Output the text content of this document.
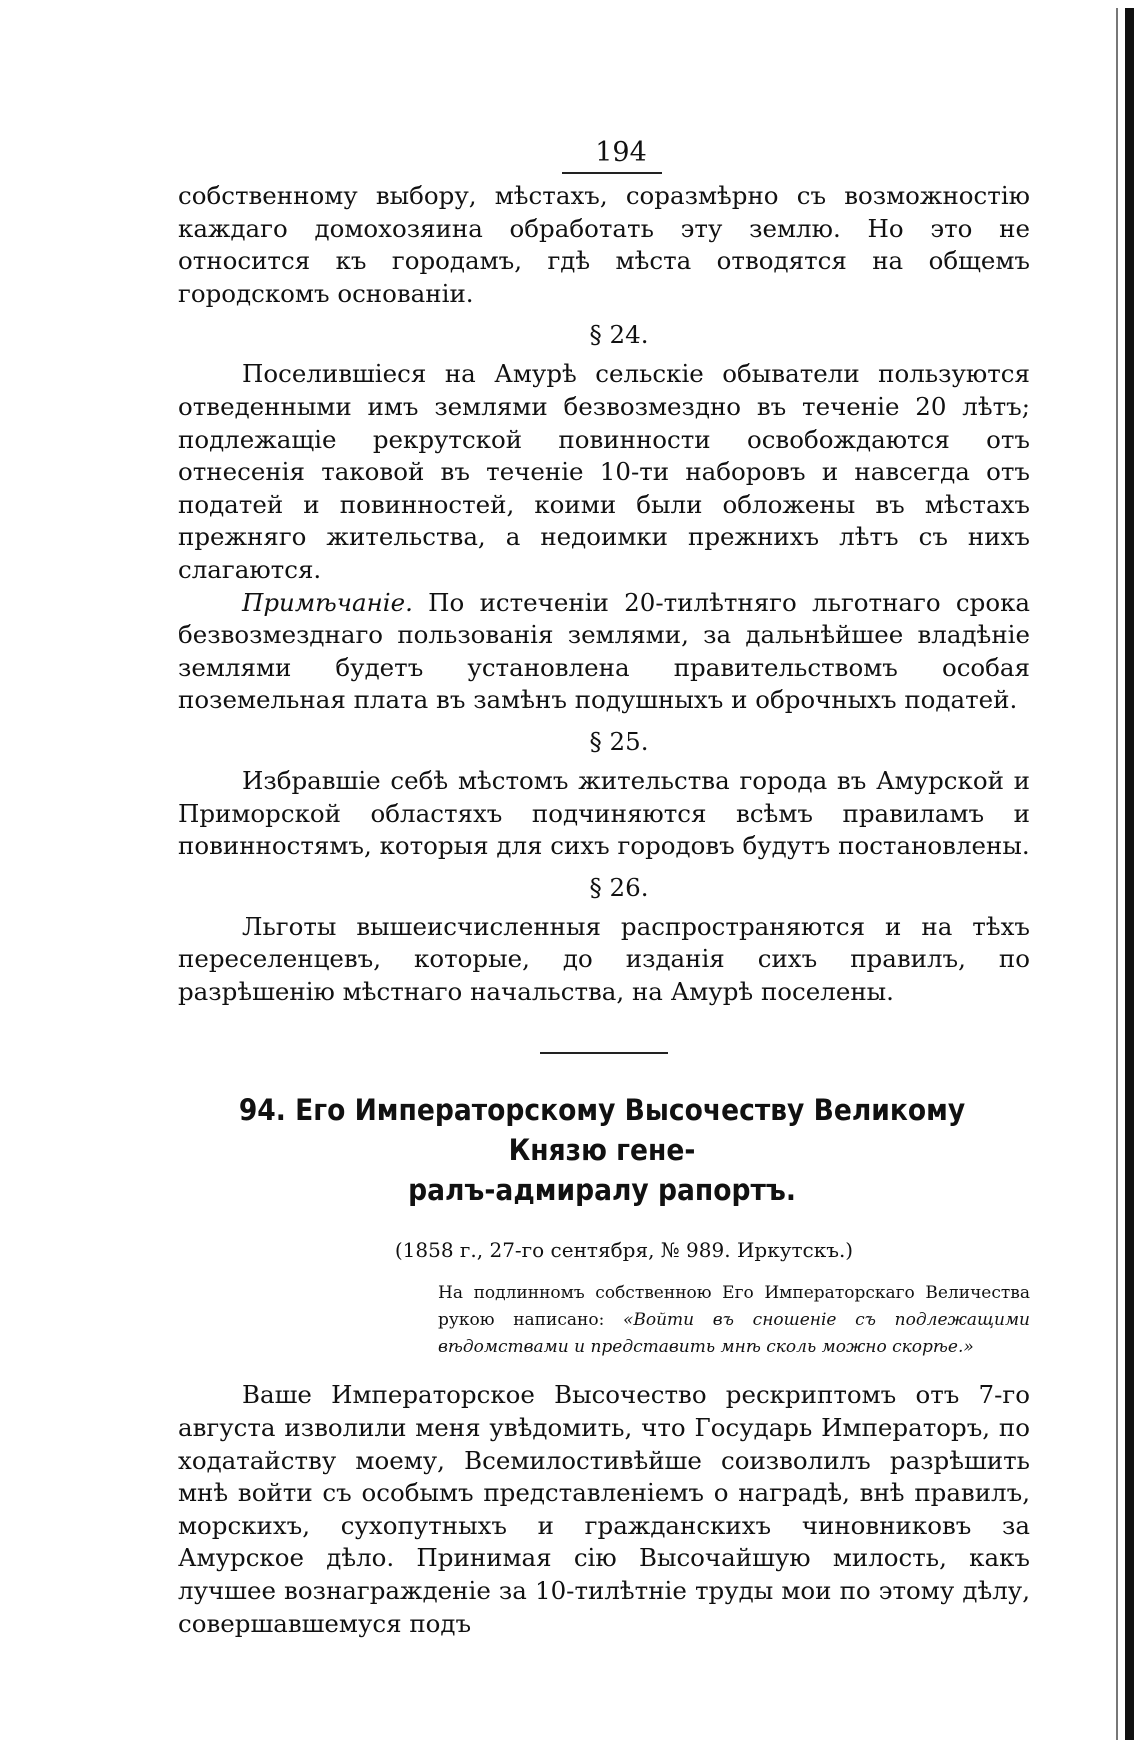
194

собственному выбору, мѣстахъ, соразмѣрно съ возможностію каждаго домохозяина обработать эту землю. Но это не относится къ городамъ, гдѣ мѣста отводятся на общемъ городскомъ основаніи.

§ 24.

Поселившіеся на Амурѣ сельскіе обыватели пользуются отведенными имъ землями безвозмездно въ теченіе 20 лѣтъ; подлежащіе рекрутской повинности освобождаются отъ отнесенія таковой въ теченіе 10-ти наборовъ и навсегда отъ податей и повинностей, коими были обложены въ мѣстахъ прежняго жительства, а недоимки прежнихъ лѣтъ съ нихъ слагаются.

Примѣчаніе. По истеченіи 20-тилѣтняго льготнаго срока безвозмезднаго пользованія землями, за дальнѣйшее владѣніе землями будетъ установлена правительствомъ особая поземельная плата въ замѣнъ подушныхъ и оброчныхъ податей.

§ 25.

Избравшіе себѣ мѣстомъ жительства города въ Амурской и Приморской областяхъ подчиняются всѣмъ правиламъ и повинностямъ, которыя для сихъ городовъ будутъ постановлены.

§ 26.

Льготы вышеисчисленныя распространяются и на тѣхъ переселенцевъ, которые, до изданія сихъ правилъ, по разрѣшенію мѣстнаго начальства, на Амурѣ поселены.

94. Его Императорскому Высочеству Великому Князю гене-
ралъ-адмиралу рапортъ.
(1858 г., 27-го сентября, № 989. Иркутскъ.)
На подлинномъ собственною Его Императорскаго Величества рукою написано: «Войти въ сношеніе съ подлежащими вѣдомствами и представить мнѣ сколь можно скорѣе.»

Ваше Императорское Высочество рескриптомъ отъ 7-го августа изволили меня увѣдомить, что Государь Императоръ, по ходатайству моему, Всемилостивѣйше соизволилъ разрѣшить мнѣ войти съ особымъ представленіемъ о наградѣ, внѣ правилъ, морскихъ, сухопутныхъ и гражданскихъ чиновниковъ за Амурское дѣло. Принимая сію Высочайшую милость, какъ лучшее вознагражденіе за 10-тилѣтніе труды мои по этому дѣлу, совершавшемуся подъ
